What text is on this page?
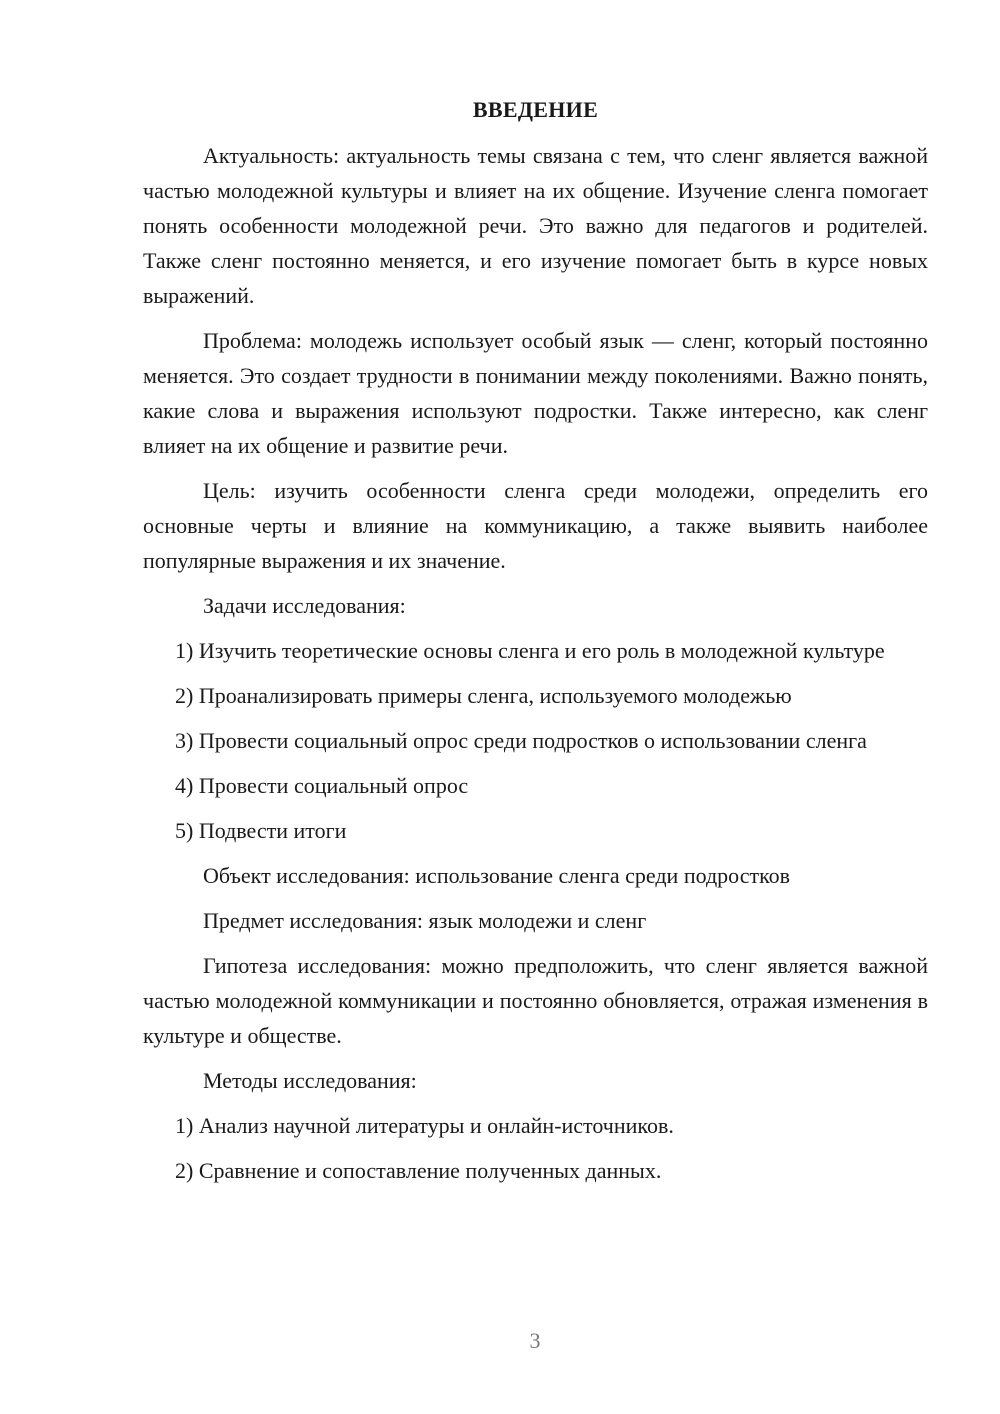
ВВЕДЕНИЕ

Актуальность: актуальность темы связана с тем, что сленг является важной частью молодежной культуры и влияет на их общение. Изучение сленга помогает понять особенности молодежной речи. Это важно для педагогов и родителей. Также сленг постоянно меняется, и его изучение помогает быть в курсе новых выражений.

Проблема: молодежь использует особый язык — сленг, который постоянно меняется. Это создает трудности в понимании между поколениями. Важно понять, какие слова и выражения используют подростки. Также интересно, как сленг влияет на их общение и развитие речи.

Цель: изучить особенности сленга среди молодежи, определить его основные черты и влияние на коммуникацию, а также выявить наиболее популярные выражения и их значение.

Задачи исследования:

1) Изучить теоретические основы сленга и его роль в молодежной культуре

2) Проанализировать примеры сленга, используемого молодежью

3) Провести социальный опрос среди подростков о использовании сленга

4) Провести социальный опрос

5) Подвести итоги

Объект исследования: использование сленга среди подростков

Предмет исследования: язык молодежи и сленг

Гипотеза исследования: можно предположить, что сленг является важной частью молодежной коммуникации и постоянно обновляется, отражая изменения в культуре и обществе.

Методы исследования:

1) Анализ научной литературы и онлайн-источников.

2) Сравнение и сопоставление полученных данных.

3
